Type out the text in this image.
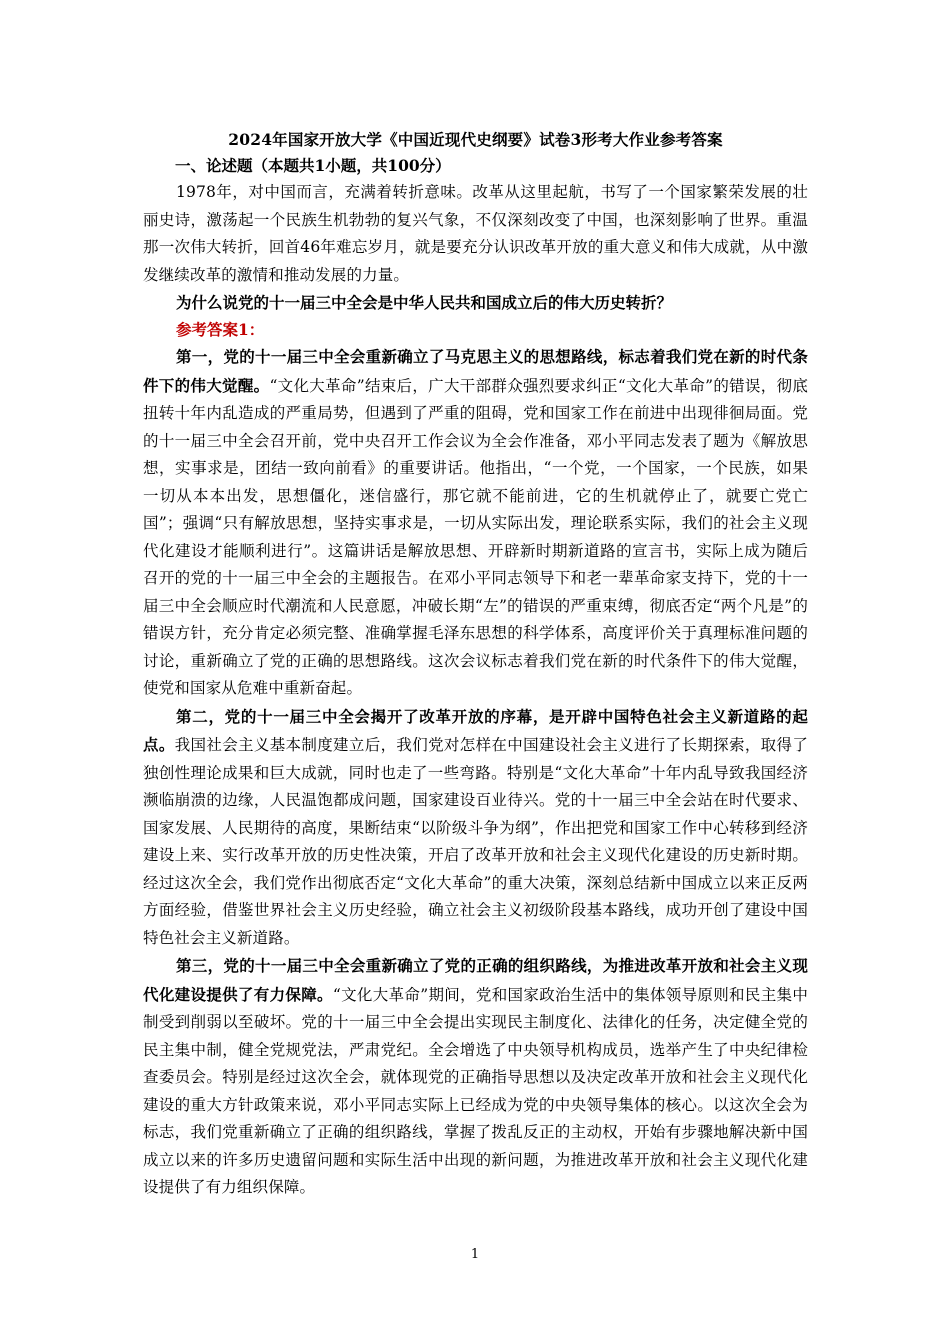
2024年国家开放大学《中国近现代史纲要》试卷3形考大作业参考答案

一、论述题（本题共1小题，共100分）

1978年，对中国而言，充满着转折意味。改革从这里起航，书写了一个国家繁荣发展的壮丽史诗，激荡起一个民族生机勃勃的复兴气象，不仅深刻改变了中国，也深刻影响了世界。重温那一次伟大转折，回首46年难忘岁月，就是要充分认识改革开放的重大意义和伟大成就，从中激发继续改革的激情和推动发展的力量。

为什么说党的十一届三中全会是中华人民共和国成立后的伟大历史转折？

参考答案1：

第一，党的十一届三中全会重新确立了马克思主义的思想路线，标志着我们党在新的时代条件下的伟大觉醒。“文化大革命”结束后，广大干部群众强烈要求纠正“文化大革命”的错误，彻底扭转十年内乱造成的严重局势，但遇到了严重的阻碍，党和国家工作在前进中出现徘徊局面。党的十一届三中全会召开前，党中央召开工作会议为全会作准备，邓小平同志发表了题为《解放思想，实事求是，团结一致向前看》的重要讲话。他指出，“一个党，一个国家，一个民族，如果一切从本本出发，思想僵化，迷信盛行，那它就不能前进，它的生机就停止了，就要亡党亡国”；强调“只有解放思想，坚持实事求是，一切从实际出发，理论联系实际，我们的社会主义现代化建设才能顺利进行”。这篇讲话是解放思想、开辟新时期新道路的宣言书，实际上成为随后召开的党的十一届三中全会的主题报告。在邓小平同志领导下和老一辈革命家支持下，党的十一届三中全会顺应时代潮流和人民意愿，冲破长期“左”的错误的严重束缚，彻底否定“两个凡是”的错误方针，充分肯定必须完整、准确掌握毛泽东思想的科学体系，高度评价关于真理标准问题的讨论，重新确立了党的正确的思想路线。这次会议标志着我们党在新的时代条件下的伟大觉醒，使党和国家从危难中重新奋起。

第二，党的十一届三中全会揭开了改革开放的序幕，是开辟中国特色社会主义新道路的起点。我国社会主义基本制度建立后，我们党对怎样在中国建设社会主义进行了长期探索，取得了独创性理论成果和巨大成就，同时也走了一些弯路。特别是“文化大革命”十年内乱导致我国经济濒临崩溃的边缘，人民温饱都成问题，国家建设百业待兴。党的十一届三中全会站在时代要求、国家发展、人民期待的高度，果断结束“以阶级斗争为纲”，作出把党和国家工作中心转移到经济建设上来、实行改革开放的历史性决策，开启了改革开放和社会主义现代化建设的历史新时期。经过这次全会，我们党作出彻底否定“文化大革命”的重大决策，深刻总结新中国成立以来正反两方面经验，借鉴世界社会主义历史经验，确立社会主义初级阶段基本路线，成功开创了建设中国特色社会主义新道路。

第三，党的十一届三中全会重新确立了党的正确的组织路线，为推进改革开放和社会主义现代化建设提供了有力保障。“文化大革命”期间，党和国家政治生活中的集体领导原则和民主集中制受到削弱以至破坏。党的十一届三中全会提出实现民主制度化、法律化的任务，决定健全党的民主集中制，健全党规党法，严肃党纪。全会增选了中央领导机构成员，选举产生了中央纪律检查委员会。特别是经过这次全会，就体现党的正确指导思想以及决定改革开放和社会主义现代化建设的重大方针政策来说，邓小平同志实际上已经成为党的中央领导集体的核心。以这次全会为标志，我们党重新确立了正确的组织路线，掌握了拨乱反正的主动权，开始有步骤地解决新中国成立以来的许多历史遗留问题和实际生活中出现的新问题，为推进改革开放和社会主义现代化建设提供了有力组织保障。

1
